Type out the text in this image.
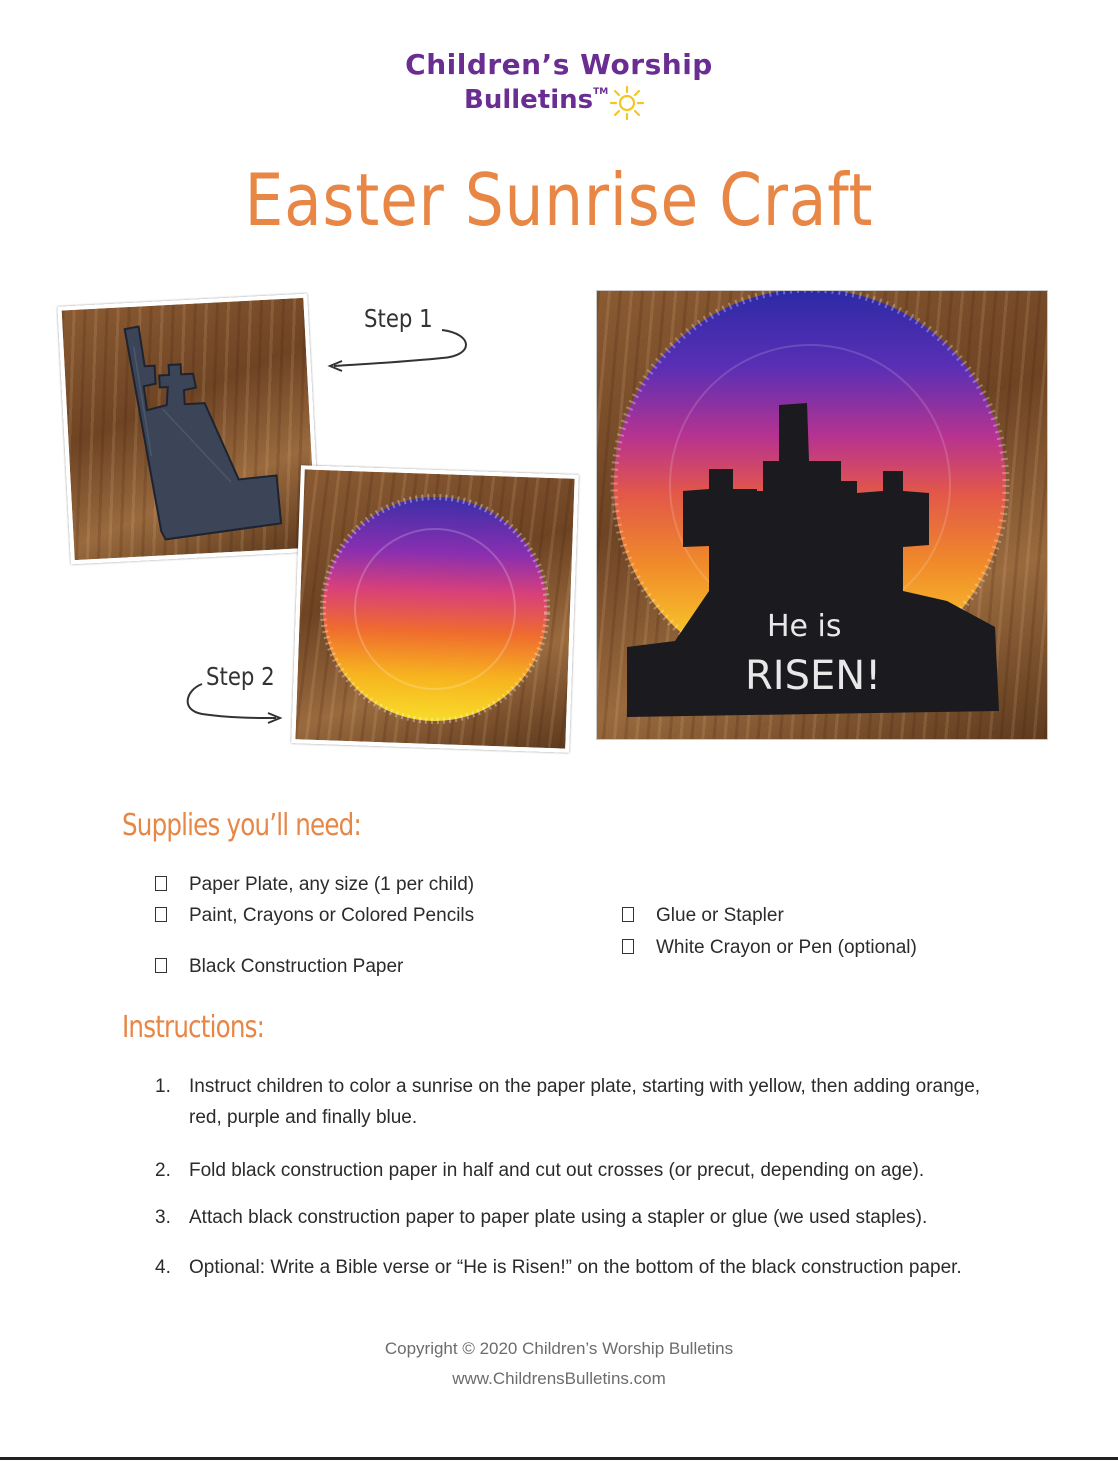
Children’s Worship
Bulletins™
Easter Sunrise Craft
Step 1
Step 2
He is
RISEN!
Supplies you’ll need:
Paper Plate, any size (1 per child)
Paint, Crayons or Colored Pencils
Black Construction Paper
Glue or Stapler
White Crayon or Pen (optional)
Instructions:
1. Instruct children to color a sunrise on the paper plate, starting with yellow, then adding orange, red, purple and finally blue.
2. Fold black construction paper in half and cut out crosses (or precut, depending on age).
3. Attach black construction paper to paper plate using a stapler or glue (we used staples).
4. Optional: Write a Bible verse or “He is Risen!” on the bottom of the black construction paper.
Copyright © 2020 Children’s Worship Bulletins
www.ChildrensBulletins.com
